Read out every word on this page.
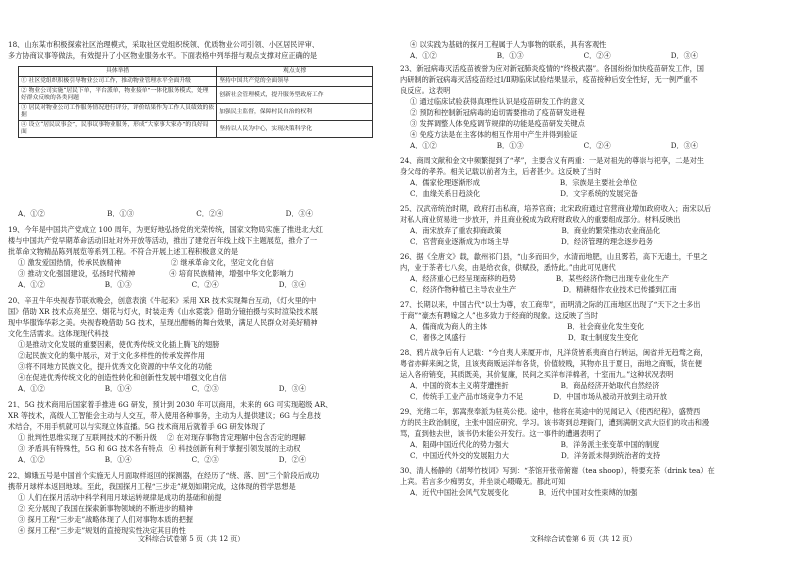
18、山东某市积极探索社区治理模式，采取社区党组织统领、优质物业公司引领、小区居民评审、
多方协商议事等做法，有效提升了小区物业服务水平。下面表格中列举措与观点支撑对应正确的是
具体举措	观点支撑
① 社区党组织积极引导物业公司工作，推动物业管理水平全面升级	坚持中国共产党的全面领导
② 物业公司实施“居民下单，平台派单，物业接单”一体化服务模式，处理好群众反映的各类问题	创新社会管理模式，提升服务型政府工作
③ 居民对物业公司工作服务情况进行评分，评价结果作为工作人员绩效的依据	加强民主监督，保障村民自治的权利
④ 设立“居民议事会”，民事议事物业服务，形成“大家事大家办”的良好局面	坚持以人民为中心，实现决策科学化
A．①②	B．①③	C．②④	D．③④
19、今年是中国共产党成立 100 周年，为更好地弘扬党的光荣传统，国家文物局实施了推进北大红
楼与中国共产党早期革命活动旧址对外开放等活动，推出了建党百年线上线下主题展览，推介了一
批革命文物精品陈列展览等系列工程。不符合开展上述工程积极意义的是
① 激发爱国热情，传承民族精神	② 继承革命文化，坚定文化自信
③ 推动文化强国建设，弘扬时代精神	④ 培育民族精神，增强中华文化影响力
A．①②	B．①③	C．②④	D．③④
20、辛丑牛年央视春节联欢晚会，创意表演《牛起来》采用 XR 技术实现舞台互动，《灯火里的中
国》借助 XR 技术点亮星空、烟花与灯火，时装走秀《山水霓裳》借助分镜拍摄与实时渲染技术展
现中华服饰华彩之美。央视春晚借助 5G 技术，呈现出酣畅的舞台效果，满足人民群众对美好精神
文化生活需求。这体现现代科技
①是推动文化发展的重要因素，使优秀传统文化插上腾飞的翅膀
②起民族文化的集中展示，对于文化多样性的传承发挥作用
③将不同地方民族文化，提升优秀文化资源的中华文化的功能
④在促进优秀传统文化的创造性转化和创新性发展中增强文化自信
A．①②	B．①④	C．②③	D．③④
21、5G 技术商用后国家着手推进 6G 研发，预计到 2030 年可以商用，未来的 6G 可实现超级 AR、
XR 等技术，高级人工智能会主动与人交互，带入使用各种事务，主动为人提供建议；6G 与全息技
术结合，不用手机就可以与实现立体直播。5G 技术商用后就着手 6G 研发体现了
① 批判性思维实现了互联网技术的不断升级 ② 在对现存事物肯定理解中包含否定的理解
③ 矛盾具有特殊性，5G 和 6G 技术各有特点 ④ 科技创新有利于掌握引领发展的主动权
A．①②	B．①④	C．②③	D．②④
22、嫦娥五号是中国首个实施无人月面取样返回的探测器，在经历了“绕、落、回”三个阶段后成功
携带月球样本返回地球。至此，我国探月工程“三步走”规划如期完成，这体现的哲学思想是
① 人们在探月活动中科学利用月球运转规律是成功的基础和前提
② 充分展现了我国在探索新事物领域的不断进步的精神
③ 探月工程“三步走”战略体现了人们对事物本质的把握
④ 探月工程“三步走”规划的直接现实性决定其目的性
文科综合试卷第 5 页（共 12 页）
④ 以实践为基础的探月工程属于人为事物的联系，具有客观性
A．①②	B．①③	C．②④	D．③④
23、新冠病毒灭活疫苗被誉为应对新冠肺炎疫情的“终极武器”。各国纷纷加快疫苗研发工作，国
内研制的新冠病毒灭活疫苗经过Ⅰ/Ⅱ期临床试验结果显示，疫苗接种后安全性好，无一例严重不
良反应。这表明
① 通过临床试验获得真理性认识是疫苗研发工作的意义
② 预防和控制新冠病毒的追切需要推动了疫苗研发进程
③ 发挥调整人体免疫调节规律的功能是疫苗研发关键点
④ 免疫方法是在主客体的相互作用中产生并得到验证
A．①②	B．①③	C．②④	D．③④
24、商周文献和金文中频繁提到了“孝”，主要含义有两重：一是对祖先的尊崇与祀享，二是对生
身父母的孝养。相关记载以前者为主，后者甚少。这反映了当时
A．儒家伦理逐渐形成	B．宗族是主要社会单位
C．血缘关系日趋淡化	D．文字系统的发展完备
25、汉武帝统治时期，政府打击私商，培养官商；北宋政府通过官营商业增加政府收入；南宋以后
对私人商业贸易进一步放开，并且商业税成为政府财政收入的重要组成部分。材料反映出
A．南宋放弃了重农抑商政策	B．商业的繁荣推动农业商品化
C．官营商业逐渐成为市场主导	D．经济管理的理念逐步趋务
26、据《全唐文》载，歙州祁门县，“山多而田少，水清而地肥，山且雾若，高下无遗土，千里之
内，业于茶者七八矣，由是给衣食，供赋役，悉恃此。”由此可见唐代
A．经济重心已经呈现南移的趋势	B．某些经济作物已出现专业化生产
C．经济作物种植已主导农业生产	D．精耕细作农业技术已传播到江南
27、长期以来，中国古代“以士为尊，农工商卑”，而明清之际的江南地区出现了“天下之士多出
于商”“豪杰有聘嫁之人”也多致力于经商的现象。这反映了当时
A．儒商成为商人的主体	B．社会商业化发生变化
C．奢侈之风盛行	D．取士制度发生变化
28、鸦片战争后有人记载：“今自夷人来厦开市，凡洋货皆系夷商自行转运，闽省并无趋骛之商，
粤省亦鲜来闽之货，且该夷商贩运洋布各货，价值较贱，其物亦且于夏日，南地之商贩，货在便
运入各府销变，其质既美，其价复廉，民间之买洋布洋棉者，十室而九。”这种状况表明
A．中国的资本主义萌芽遭挫折	B．商品经济开始取代自然经济
C．传统手工业产品市场竞争力不足	D．中国市场从被动开放到主动开放
29、光绪二年，郭嵩焘奉派为驻英公使。途中，他将在英途中的见闻记入《使西纪程》，盛赞西
方的民主政治制度，主张中国应研究、学习。该书寄到总理衙门，遭到满朝文武大臣们的攻击和漫
骂，直到他去世，该书仍未能公开发行。这一事件的遭遇表明了
A．阻碍中国近代化的势力强大	B．洋务派主张变革中国的制度
C．中国近代外交的发展阻力大	D．洋务派未得到统治者的支持
30、清人杨静的《胡琴竹枝词》写到：“茶馆开张帝俯谢（tea shoop），特要充茶（drink tea）在
上宾。若言多少痴男女，并坐谈心嗫嘬无。都此可知
A．近代中国社会风气发展变化	B．近代中国对女性束缚的加强
文科综合试卷第 6 页（共 12 页）
